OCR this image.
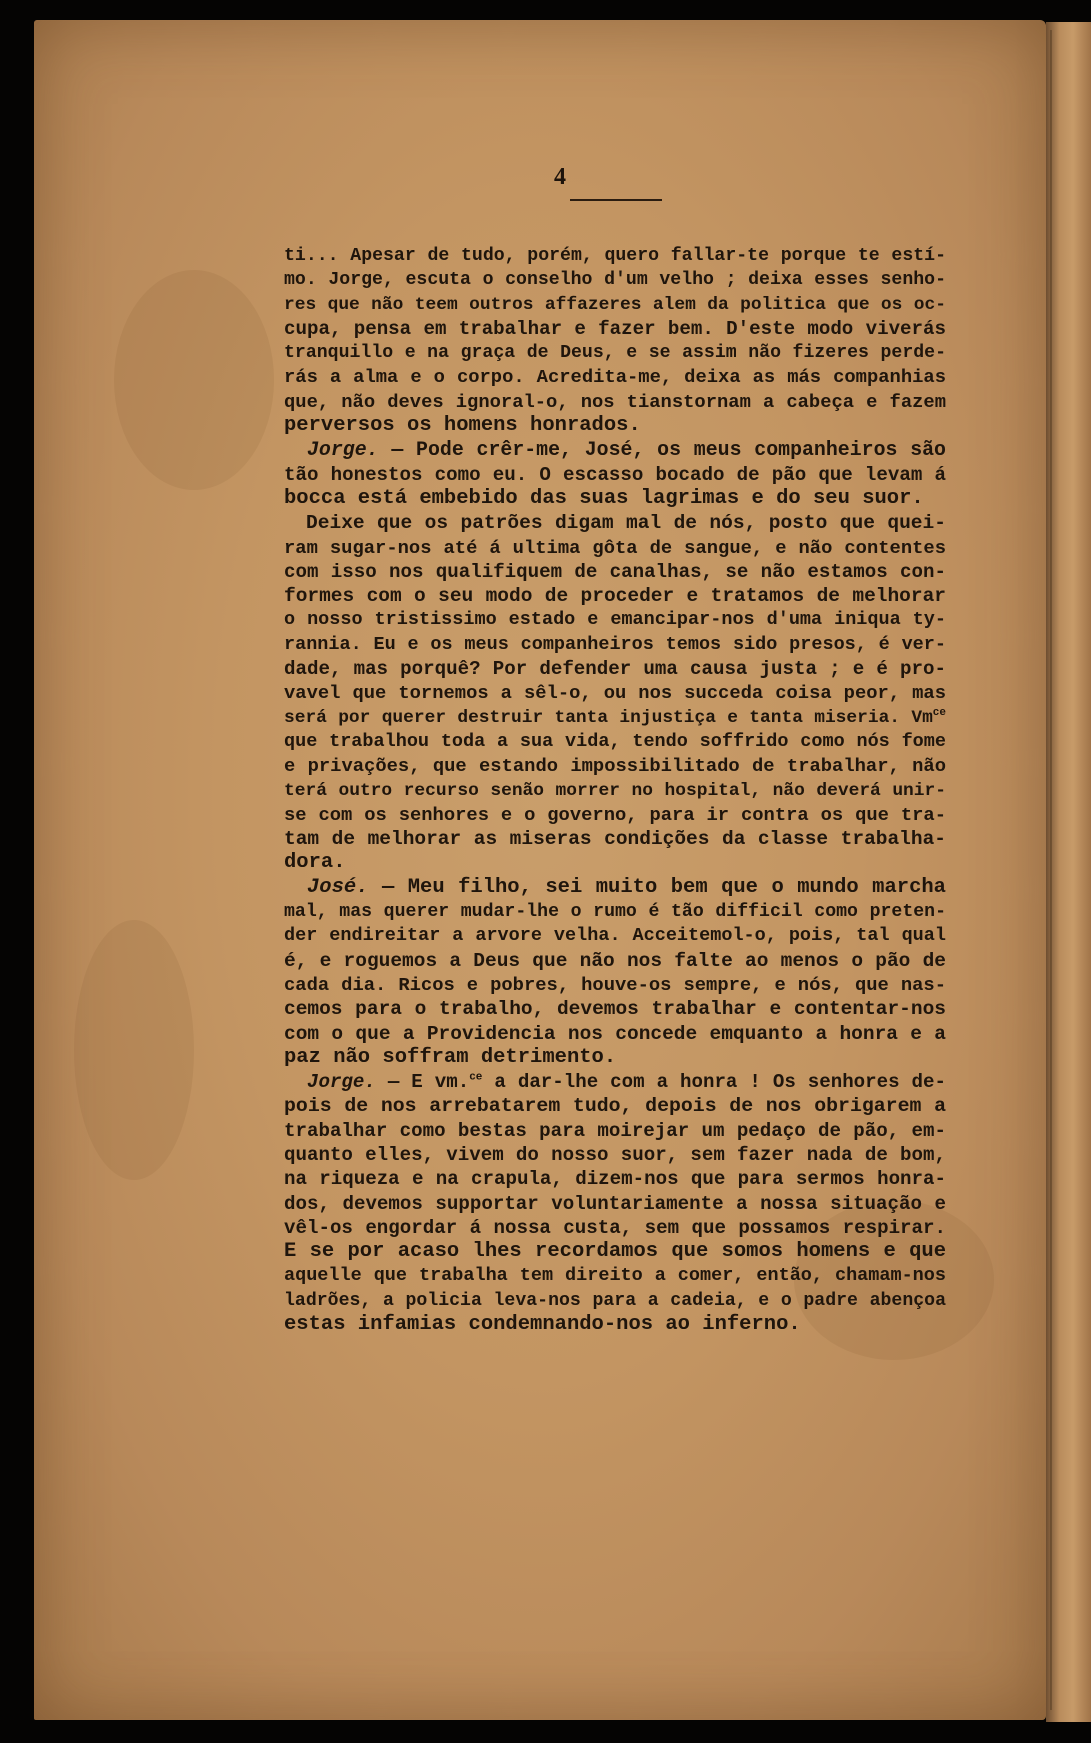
4
ti... Apesar de tudo, porém, quero fallar-te porque te estí-
mo. Jorge, escuta o conselho d'um velho ; deixa esses senho-
res que não teem outros affazeres alem da politica que os oc-
cupa, pensa em trabalhar e fazer bem. D'este modo viverás
tranquillo e na graça de Deus, e se assim não fizeres perde-
rás a alma e o corpo. Acredita-me, deixa as más companhias
que, não deves ignoral-o, nos tianstornam a cabeça e fazem
perversos os homens honrados.
Jorge. — Pode crêr-me, José, os meus companheiros são
tão honestos como eu. O escasso bocado de pão que levam á
bocca está embebido das suas lagrimas e do seu suor.
Deixe que os patrões digam mal de nós, posto que quei-
ram sugar-nos até á ultima gôta de sangue, e não contentes
com isso nos qualifiquem de canalhas, se não estamos con-
formes com o seu modo de proceder e tratamos de melhorar
o nosso tristissimo estado e emancipar-nos d'uma iniqua ty-
rannia. Eu e os meus companheiros temos sido presos, é ver-
dade, mas porquê? Por defender uma causa justa ; e é pro-
vavel que tornemos a sêl-o, ou nos succeda coisa peor, mas
será por querer destruir tanta injustiça e tanta miseria. $Vm^{ce}$
que trabalhou toda a sua vida, tendo soffrido como nós fome
e privações, que estando impossibilitado de trabalhar, não
terá outro recurso senão morrer no hospital, não deverá unir-
se com os senhores e o governo, para ir contra os que tra-
tam de melhorar as miseras condições da classe trabalha-
dora.
José. — Meu filho, sei muito bem que o mundo marcha
mal, mas querer mudar-lhe o rumo é tão difficil como preten-
der endireitar a arvore velha. Acceitemol-o, pois, tal qual
é, e roguemos a Deus que não nos falte ao menos o pão de
cada dia. Ricos e pobres, houve-os sempre, e nós, que nas-
cemos para o trabalho, devemos trabalhar e contentar-nos
com o que a Providencia nos concede emquanto a honra e a
paz não soffram detrimento.
Jorge. — E vm.$^{ce}$ a dar-lhe com a honra ! Os senhores de-
pois de nos arrebatarem tudo, depois de nos obrigarem a
trabalhar como bestas para moirejar um pedaço de pão, em-
quanto elles, vivem do nosso suor, sem fazer nada de bom,
na riqueza e na crapula, dizem-nos que para sermos honra-
dos, devemos supportar voluntariamente a nossa situação e
vêl-os engordar á nossa custa, sem que possamos respirar.
E se por acaso lhes recordamos que somos homens e que
aquelle que trabalha tem direito a comer, então, chamam-nos
ladrões, a policia leva-nos para a cadeia, e o padre abençoa
estas infamias condemnando-nos ao inferno.
